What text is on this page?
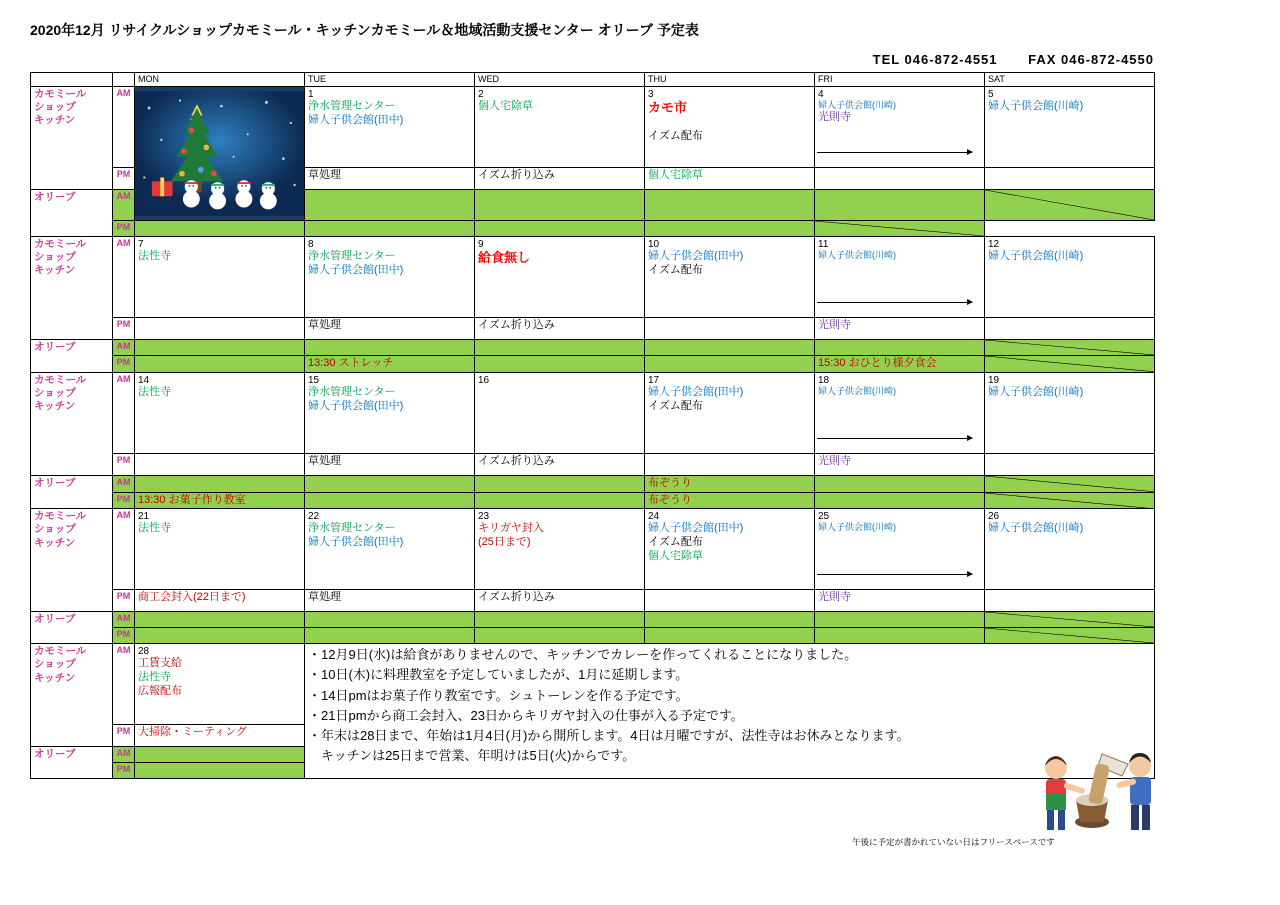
2020年12月 リサイクルショップカモミール・キッチンカモミール＆地域活動支援センター オリーブ 予定表
TEL 046-872-4551 FAX 046-872-4550
		MON	TUE	WED	THU	FRI	SAT
カモミール
ショップ
キッチン	AM		1
浄水管理センター
婦人子供会館(田中)	2
個人宅除草	3
カモ市

イズム配布	4
婦人子供会館(川崎)
光則寺	5
婦人子供会館(川崎)

	PM		草処理	イズム折り込み	個人宅除草		

オリーブ	AM					

	PM					

カモミール
ショップ
キッチン	AM	7
法性寺	8
浄水管理センター
婦人子供会館(田中)	9
給食無し	10
婦人子供会館(田中)
イズム配布	11
婦人子供会館(川崎)	12
婦人子供会館(川崎)

	PM		草処理	イズム折り込み		光則寺	

オリーブ	AM						

	PM		13:30 ストレッチ			15:30 おひとり様夕食会

カモミール
ショップ
キッチン	AM	14
法性寺	15
浄水管理センター
婦人子供会館(田中)	16	17
婦人子供会館(田中)
イズム配布	18
婦人子供会館(川崎)	19
婦人子供会館(川崎)

	PM		草処理	イズム折り込み		光則寺	

オリーブ	AM				布ぞうり

	PM	13:30 お菓子作り教室			布ぞうり

カモミール
ショップ
キッチン	AM	21
法性寺	22
浄水管理センター
婦人子供会館(田中)	23
キリガヤ封入
(25日まで)	24
婦人子供会館(田中)
イズム配布
個人宅除草	25
婦人子供会館(川崎)	26
婦人子供会館(川崎)

	PM	商工会封入(22日まで)	草処理	イズム折り込み		光則寺	

オリーブ	AM						

	PM						

カモミール
ショップ
キッチン	AM	28
工賃支給
法性寺
広報配布

・12月9日(水)は給食がありませんので、キッチンでカレーを作ってくれることになりました。
・10日(木)に料理教室を予定していましたが、1月に延期します。
・14日pmはお菓子作り教室です。シュトーレンを作る予定です。
・21日pmから商工会封入、23日からキリガヤ封入の仕事が入る予定です。
・年末は28日まで、年始は1月4日(月)から開所します。4日は月曜ですが、法性寺はお休みとなります。
　キッチンは25日まで営業、年明けは5日(火)からです。

	PM	大掃除・ミーティング					

オリーブ	AM						
	PM						
午後に予定が書かれていない日はフリースペースです
